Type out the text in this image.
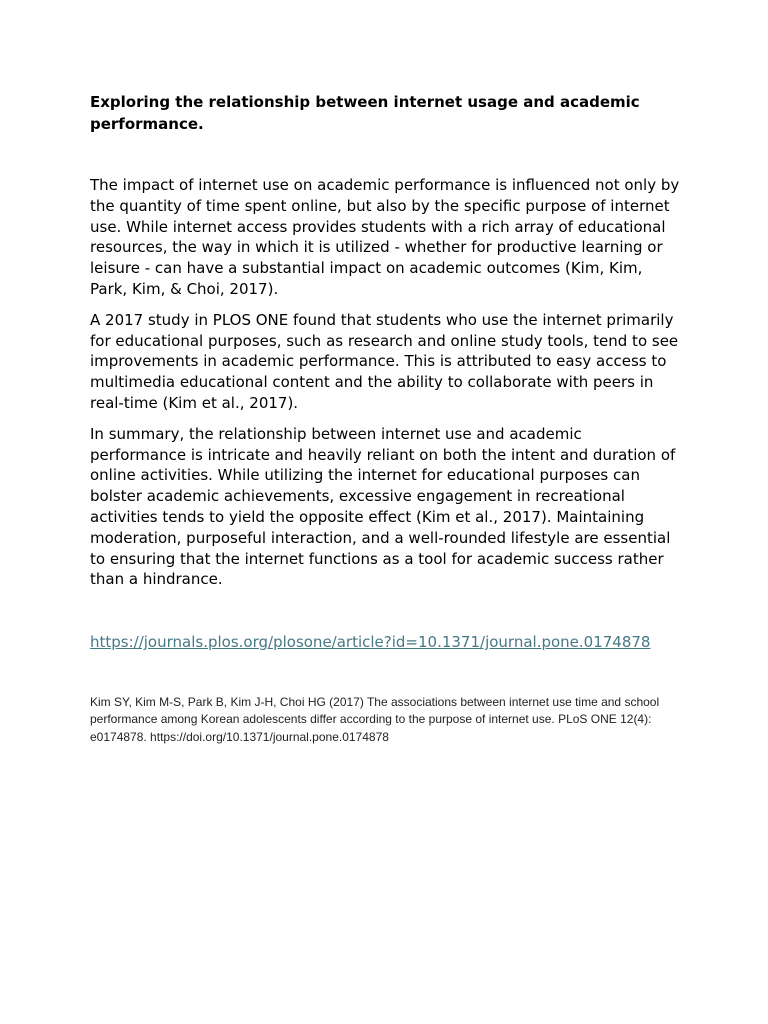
Exploring the relationship between internet usage and academic performance.

The impact of internet use on academic performance is influenced not only by the quantity of time spent online, but also by the specific purpose of internet use. While internet access provides students with a rich array of educational resources, the way in which it is utilized - whether for productive learning or leisure - can have a substantial impact on academic outcomes (Kim, Kim, Park, Kim, & Choi, 2017).

A 2017 study in PLOS ONE found that students who use the internet primarily for educational purposes, such as research and online study tools, tend to see improvements in academic performance. This is attributed to easy access to multimedia educational content and the ability to collaborate with peers in real-time (Kim et al., 2017).

In summary, the relationship between internet use and academic performance is intricate and heavily reliant on both the intent and duration of online activities. While utilizing the internet for educational purposes can bolster academic achievements, excessive engagement in recreational activities tends to yield the opposite effect (Kim et al., 2017). Maintaining moderation, purposeful interaction, and a well-rounded lifestyle are essential to ensuring that the internet functions as a tool for academic success rather than a hindrance.

https://journals.plos.org/plosone/article?id=10.1371/journal.pone.0174878
Kim SY, Kim M-S, Park B, Kim J-H, Choi HG (2017) The associations between internet use time and school performance among Korean adolescents differ according to the purpose of internet use. PLoS ONE 12(4): e0174878. https://doi.org/10.1371/journal.pone.0174878
